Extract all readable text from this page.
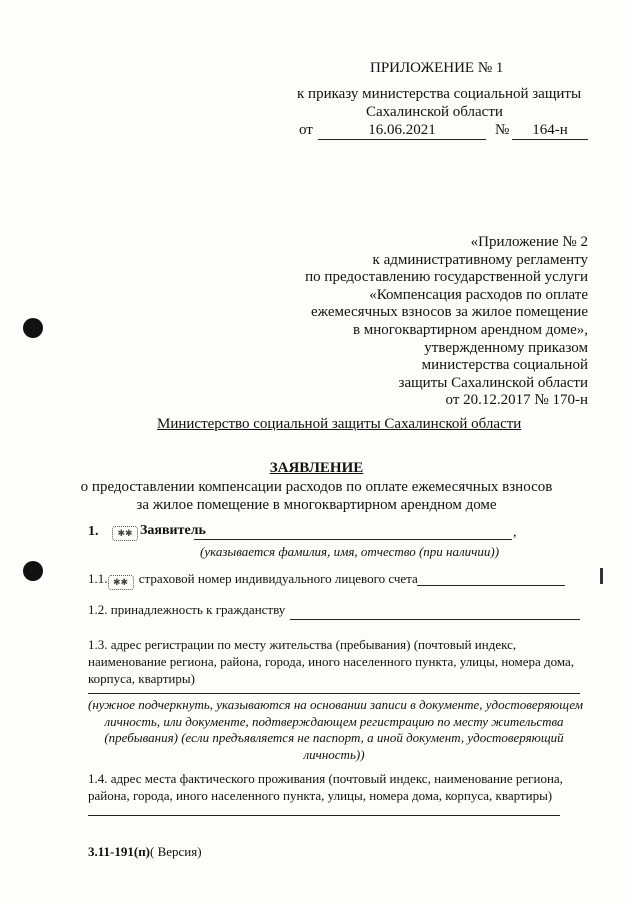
ПРИЛОЖЕНИЕ № 1
к приказу министерства социальной защиты
Сахалинской области
от	16.06.2021	№	164-н
«Приложение № 2
к административному регламенту
по предоставлению государственной услуги
«Компенсация расходов по оплате
ежемесячных взносов за жилое помещение
в многоквартирном арендном доме»,
утвержденному приказом
министерства социальной
защиты Сахалинской области
от 20.12.2017 № 170-н
Министерство социальной защиты Сахалинской области
ЗАЯВЛЕНИЕ
о предоставлении компенсации расходов по оплате ежемесячных взносов
за жилое помещение в многоквартирном арендном доме
1.	✱✱ Заявитель	,
(указывается фамилия, имя, отчество (при наличии))
1.1. ✱✱ страховой номер индивидуального лицевого счета
1.2. принадлежность к гражданству
1.3. адрес регистрации по месту жительства (пребывания) (почтовый индекс,
наименование региона, района, города, иного населенного пункта, улицы, номера дома,
корпуса, квартиры)
(нужное подчеркнуть, указываются на основании записи в документе, удостоверяющем
личность, или документе, подтверждающем регистрацию по месту жительства
(пребывания) (если предъявляется не паспорт, а иной документ, удостоверяющий
личность))
1.4. адрес места фактического проживания (почтовый индекс, наименование региона,
района, города, иного населенного пункта, улицы, номера дома, корпуса, квартиры)
3.11-191(п)( Версия)
